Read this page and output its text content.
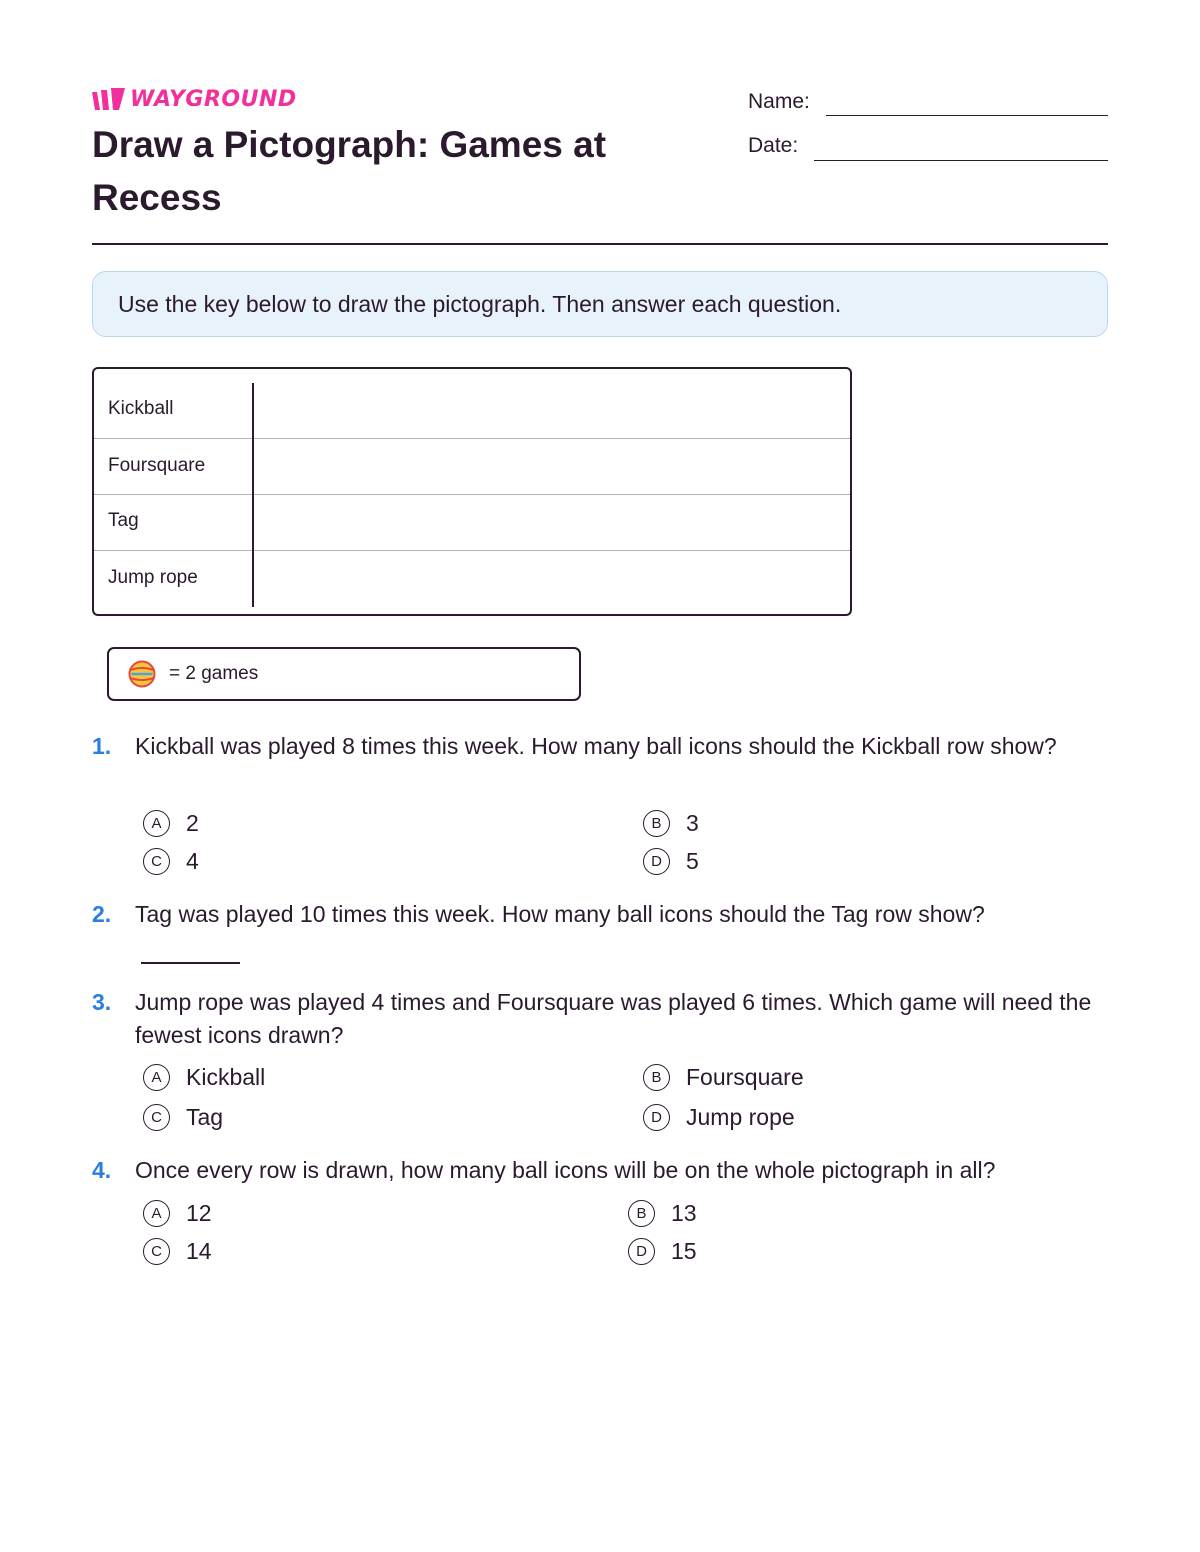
WAYGROUND
Draw a Pictograph: Games at Recess
Name:
Date:
Use the key below to draw the pictograph. Then answer each question.
Kickball
Foursquare
Tag
Jump rope
= 2 games
1. Kickball was played 8 times this week. How many ball icons should the Kickball row show?
A	2	B	3
C	4	D	5
2. Tag was played 10 times this week. How many ball icons should the Tag row show?
3. Jump rope was played 4 times and Foursquare was played 6 times. Which game will need the fewest icons drawn?
A	Kickball	B	Foursquare
C	Tag	D	Jump rope
4. Once every row is drawn, how many ball icons will be on the whole pictograph in all?
A	12	B	13
C	14	D	15
